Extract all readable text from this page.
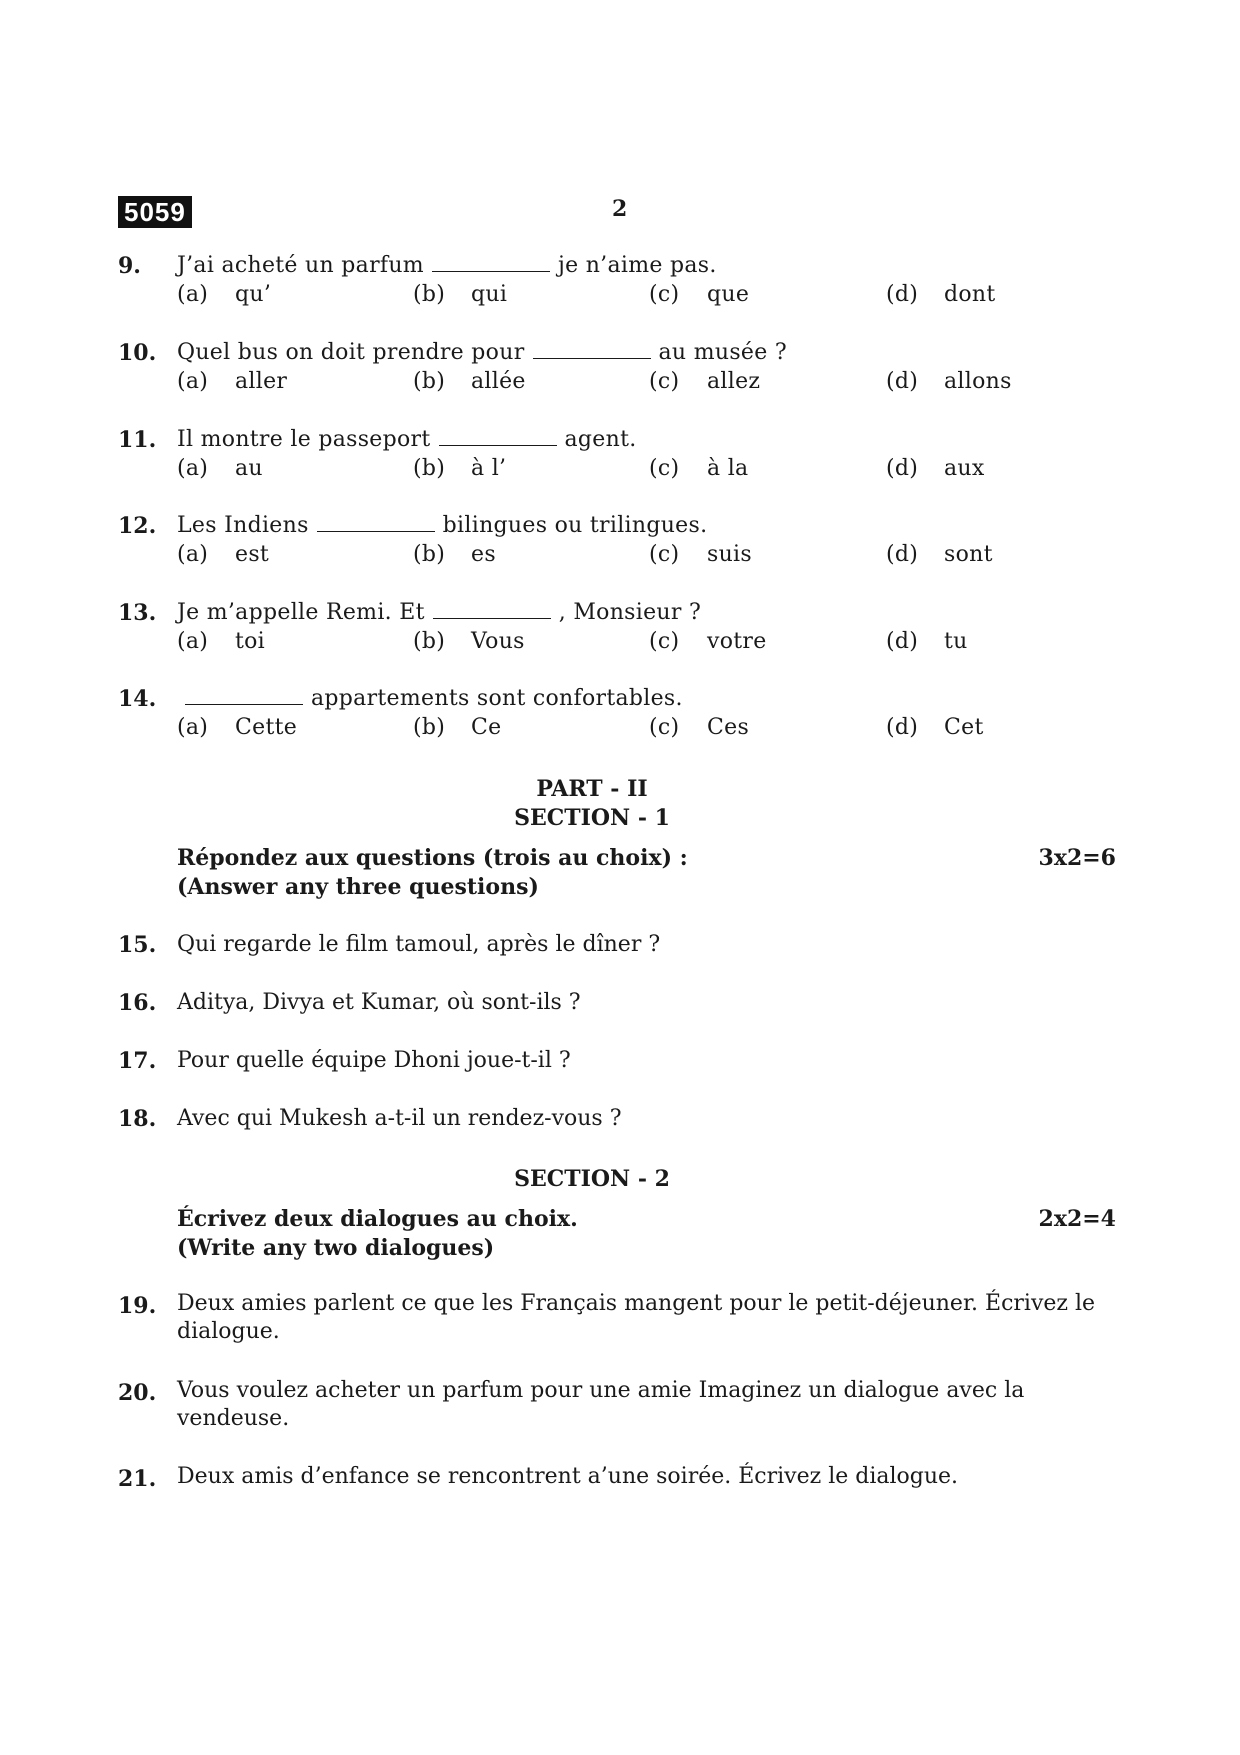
5059	2
9. J’ai acheté un parfum	je n’aime pas.
(a) qu’	(b) qui	(c) que	(d) dont
10. Quel bus on doit prendre pour	au musée ?
(a) aller	(b) allée	(c) allez	(d) allons
11. Il montre le passeport	agent.
(a) au	(b) à l’	(c) à la	(d) aux
12. Les Indiens	bilingues ou trilingues.
(a) est	(b) es	(c) suis	(d) sont
13. Je m’appelle Remi. Et	, Monsieur ?
(a) toi	(b) Vous	(c) votre	(d) tu
14.	appartements sont confortables.
(a) Cette	(b) Ce	(c) Ces	(d) Cet
PART - II
SECTION - 1
Répondez aux questions (trois au choix) :
(Answer any three questions)
3x2=6
15. Qui regarde le film tamoul, après le dîner ?
16. Aditya, Divya et Kumar, où sont-ils ?
17. Pour quelle équipe Dhoni joue-t-il ?
18. Avec qui Mukesh a-t-il un rendez-vous ?
SECTION - 2
Écrivez deux dialogues au choix.
(Write any two dialogues)
2x2=4
19. Deux amies parlent ce que les Français mangent pour le petit-déjeuner. Écrivez le dialogue.
20. Vous voulez acheter un parfum pour une amie Imaginez un dialogue avec la vendeuse.
21. Deux amis d’enfance se rencontrent a’une soirée. Écrivez le dialogue.
